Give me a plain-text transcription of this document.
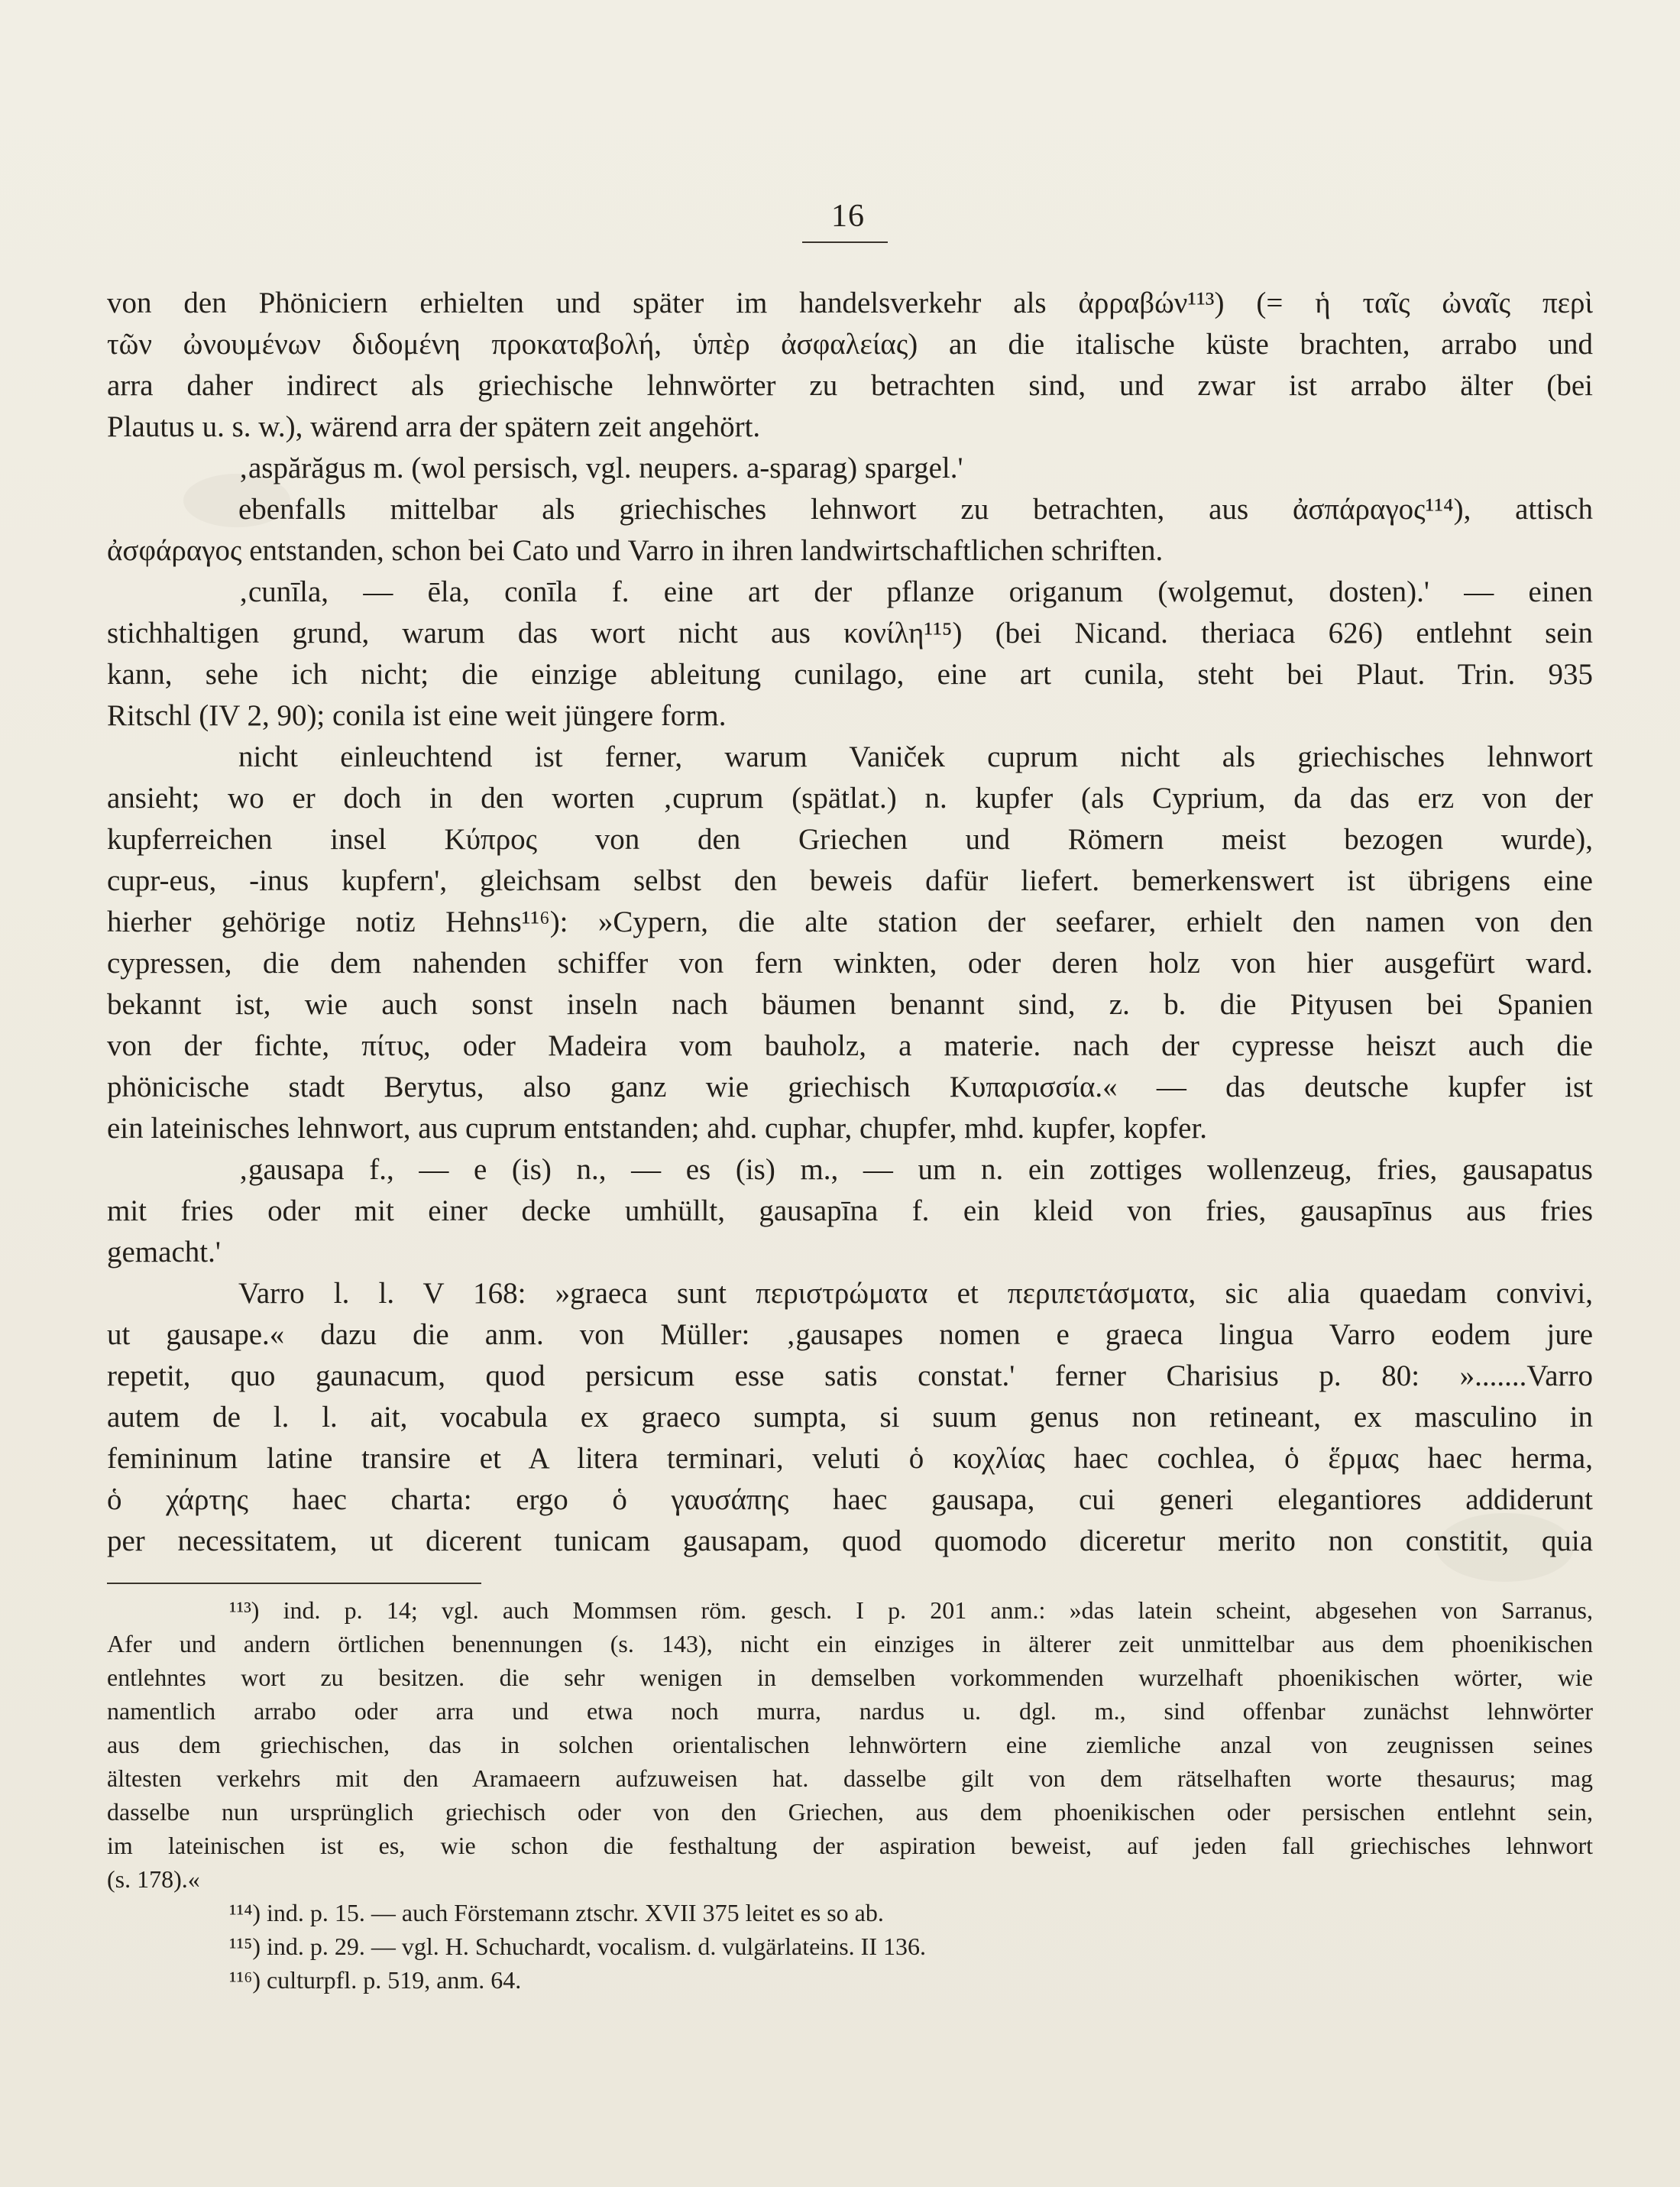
16
von den Phöniciern erhielten und später im handelsverkehr als ἀρραβών¹¹³) (= ἡ ταῖς ὠναῖς περὶ
τῶν ὠνουμένων διδομένη προκαταβολή, ὑπὲρ ἀσφαλείας) an die italische küste brachten, arrabo und
arra daher indirect als griechische lehnwörter zu betrachten sind, und zwar ist arrabo älter (bei
Plautus u. s. w.), wärend arra der spätern zeit angehört.
‚aspărăgus m. (wol persisch, vgl. neupers. a-sparag) spargel.'
ebenfalls mittelbar als griechisches lehnwort zu betrachten, aus ἀσπάραγος¹¹⁴), attisch
ἀσφάραγος entstanden, schon bei Cato und Varro in ihren landwirtschaftlichen schriften.
‚cunīla, — ēla, conīla f. eine art der pflanze origanum (wolgemut, dosten).' — einen
stichhaltigen grund, warum das wort nicht aus κονίλη¹¹⁵) (bei Nicand. theriaca 626) entlehnt sein
kann, sehe ich nicht; die einzige ableitung cunilago, eine art cunila, steht bei Plaut. Trin. 935
Ritschl (IV 2, 90); conila ist eine weit jüngere form.
nicht einleuchtend ist ferner, warum Vaniček cuprum nicht als griechisches lehnwort
ansieht; wo er doch in den worten ‚cuprum (spätlat.) n. kupfer (als Cyprium, da das erz von der
kupferreichen insel Κύπρος von den Griechen und Römern meist bezogen wurde),
cupr-eus, -inus kupfern', gleichsam selbst den beweis dafür liefert. bemerkenswert ist übrigens eine
hierher gehörige notiz Hehns¹¹⁶): »Cypern, die alte station der seefarer, erhielt den namen von den
cypressen, die dem nahenden schiffer von fern winkten, oder deren holz von hier ausgefürt ward.
bekannt ist, wie auch sonst inseln nach bäumen benannt sind, z. b. die Pityusen bei Spanien
von der fichte, πίτυς, oder Madeira vom bauholz, a materie. nach der cypresse heiszt auch die
phönicische stadt Berytus, also ganz wie griechisch Κυπαρισσία.« — das deutsche kupfer ist
ein lateinisches lehnwort, aus cuprum entstanden; ahd. cuphar, chupfer, mhd. kupfer, kopfer.
‚gausapa f., — e (is) n., — es (is) m., — um n. ein zottiges wollenzeug, fries, gausapatus
mit fries oder mit einer decke umhüllt, gausapīna f. ein kleid von fries, gausapīnus aus fries
gemacht.'
Varro l. l. V 168: »graeca sunt περιστρώματα et περιπετάσματα, sic alia quaedam convivi,
ut gausape.« dazu die anm. von Müller: ‚gausapes nomen e graeca lingua Varro eodem jure
repetit, quo gaunacum, quod persicum esse satis constat.' ferner Charisius p. 80: ».......Varro
autem de l. l. ait, vocabula ex graeco sumpta, si suum genus non retineant, ex masculino in
femininum latine transire et A litera terminari, veluti ὁ κοχλίας haec cochlea, ὁ ἕρμας haec herma,
ὁ χάρτης haec charta: ergo ὁ γαυσάπης haec gausapa, cui generi elegantiores addiderunt
per necessitatem, ut dicerent tunicam gausapam, quod quomodo diceretur merito non constitit, quia
¹¹³) ind. p. 14; vgl. auch Mommsen röm. gesch. I p. 201 anm.: »das latein scheint, abgesehen von Sarranus,
Afer und andern örtlichen benennungen (s. 143), nicht ein einziges in älterer zeit unmittelbar aus dem phoenikischen
entlehntes wort zu besitzen. die sehr wenigen in demselben vorkommenden wurzelhaft phoenikischen wörter, wie
namentlich arrabo oder arra und etwa noch murra, nardus u. dgl. m., sind offenbar zunächst lehnwörter
aus dem griechischen, das in solchen orientalischen lehnwörtern eine ziemliche anzal von zeugnissen seines
ältesten verkehrs mit den Aramaeern aufzuweisen hat. dasselbe gilt von dem rätselhaften worte thesaurus; mag
dasselbe nun ursprünglich griechisch oder von den Griechen, aus dem phoenikischen oder persischen entlehnt sein,
im lateinischen ist es, wie schon die festhaltung der aspiration beweist, auf jeden fall griechisches lehnwort
(s. 178).«
¹¹⁴) ind. p. 15. — auch Förstemann ztschr. XVII 375 leitet es so ab.
¹¹⁵) ind. p. 29. — vgl. H. Schuchardt, vocalism. d. vulgärlateins. II 136.
¹¹⁶) culturpfl. p. 519, anm. 64.
